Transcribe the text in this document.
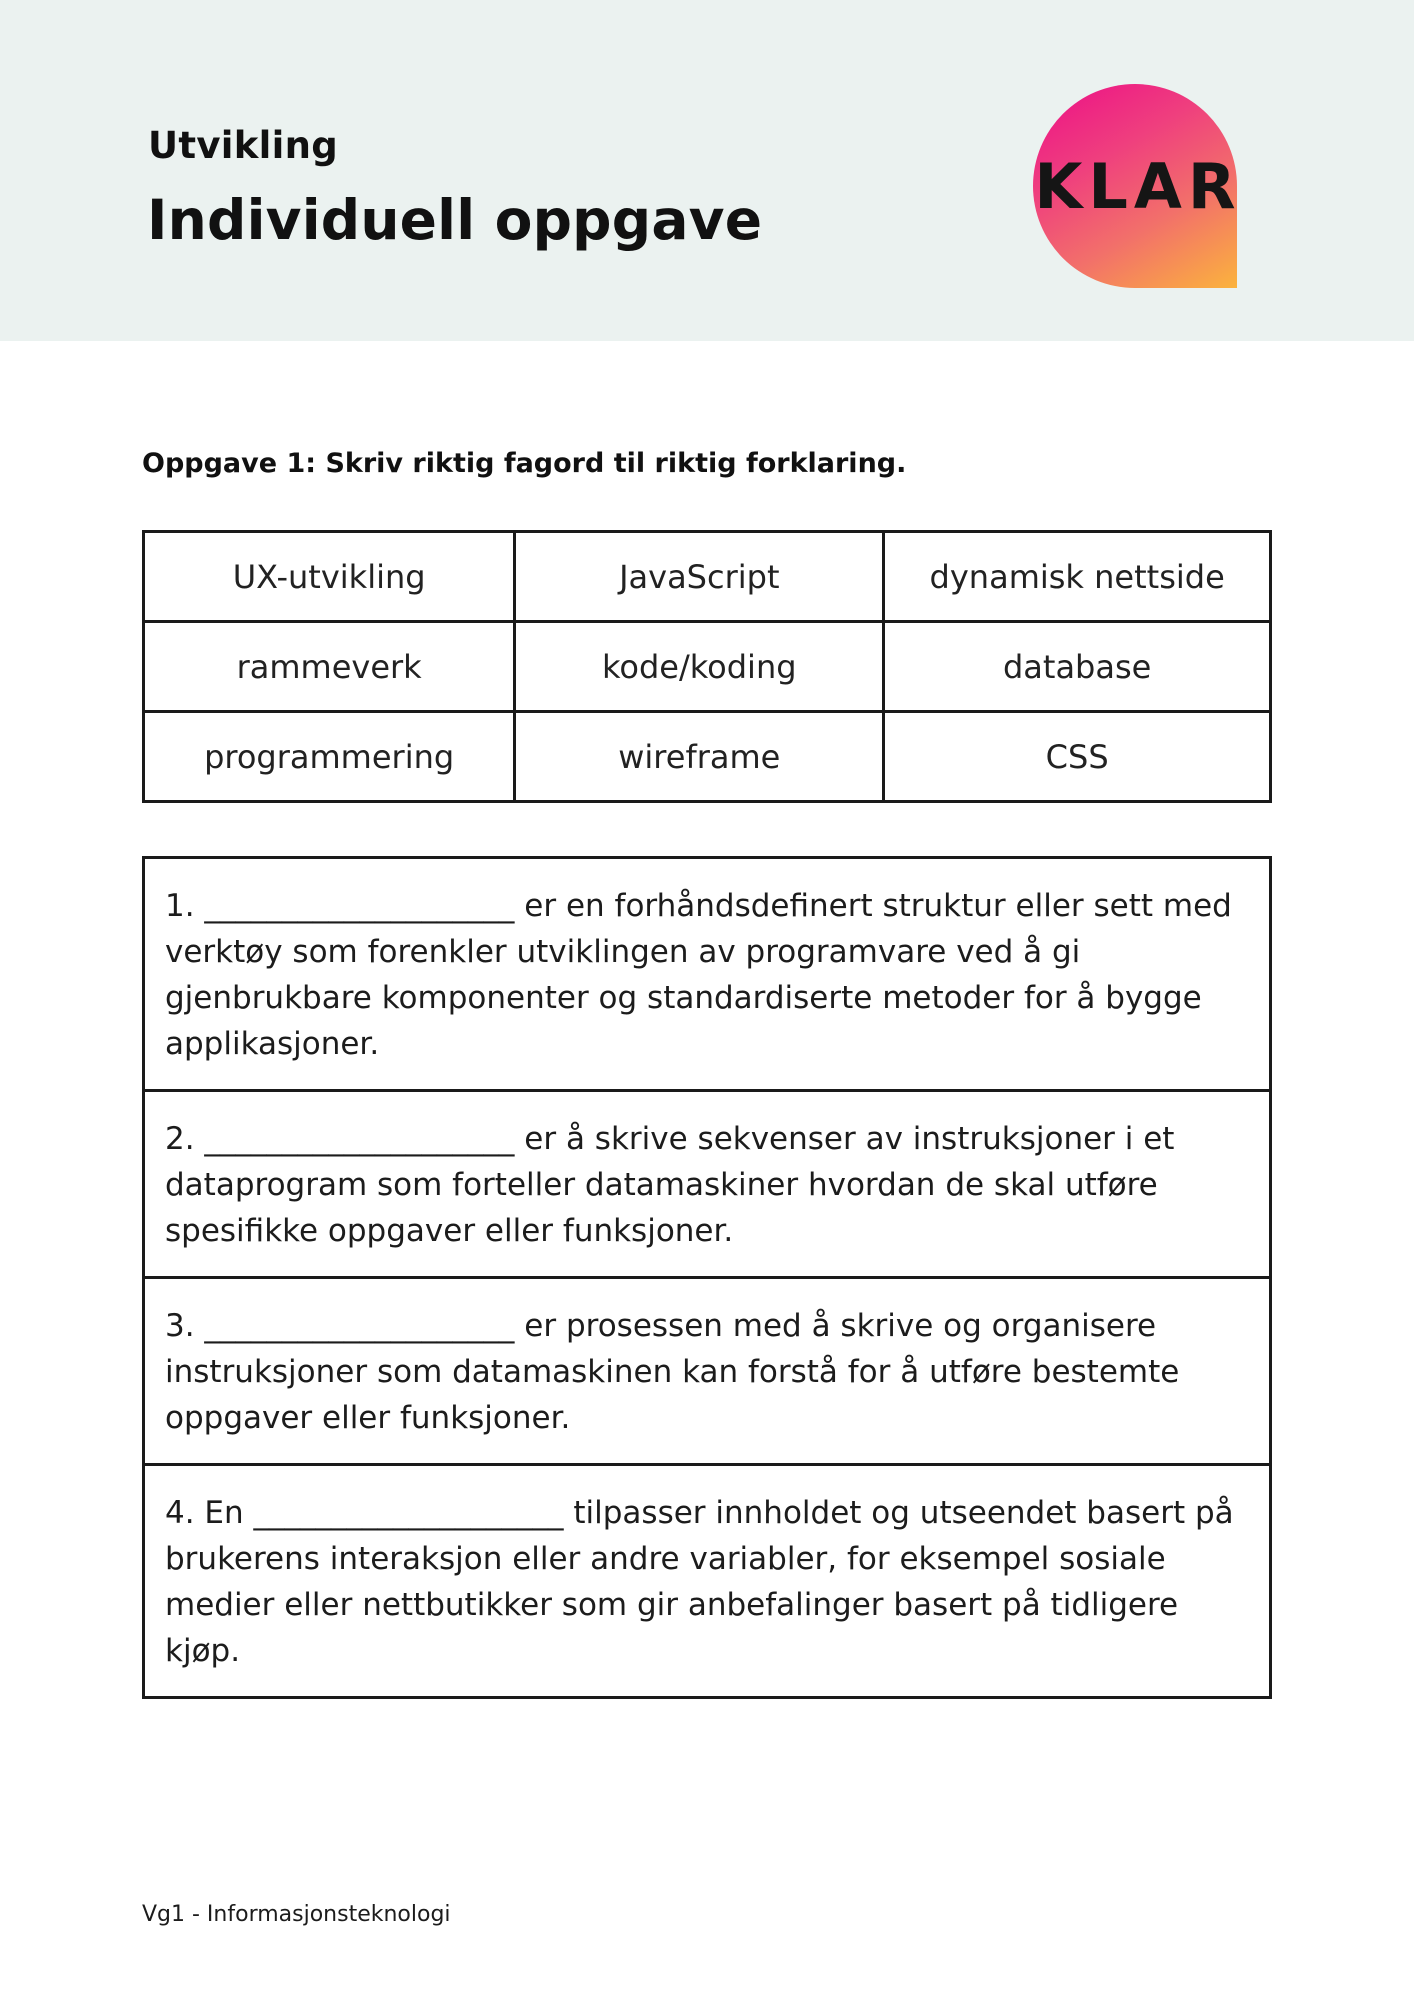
Utvikling
Individuell oppgave	KLAR
Oppgave 1: Skriv riktig fagord til riktig forklaring.
UX-utvikling	JavaScript	dynamisk nettside
rammeverk	kode/koding	database
programmering	wireframe	CSS
1. ____________________ er en forhåndsdefinert struktur eller sett med verktøy som forenkler utviklingen av programvare ved å gi gjenbrukbare komponenter og standardiserte metoder for å bygge applikasjoner.
2. ____________________ er å skrive sekvenser av instruksjoner i et dataprogram som forteller datamaskiner hvordan de skal utføre spesifikke oppgaver eller funksjoner.
3. ____________________ er prosessen med å skrive og organisere instruksjoner som datamaskinen kan forstå for å utføre bestemte oppgaver eller funksjoner.
4. En ____________________ tilpasser innholdet og utseendet basert på brukerens interaksjon eller andre variabler, for eksempel sosiale medier eller nettbutikker som gir anbefalinger basert på tidligere kjøp.
Vg1 - Informasjonsteknologi
